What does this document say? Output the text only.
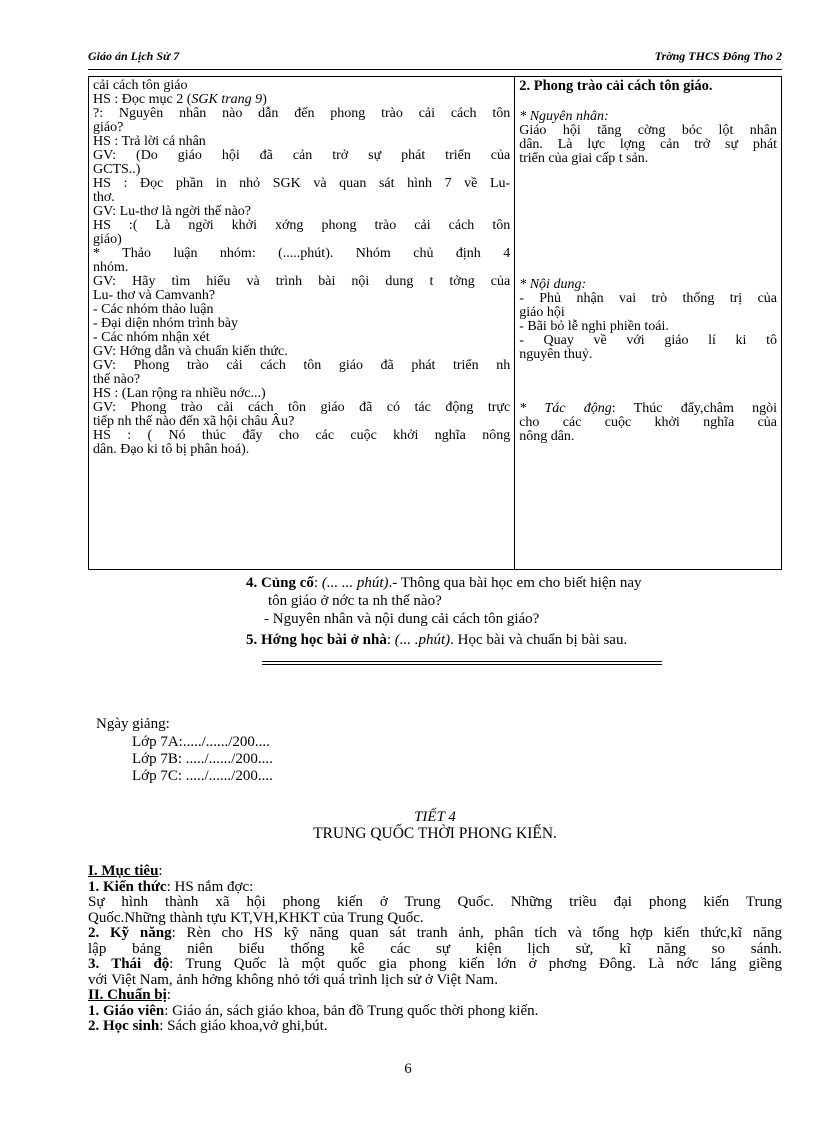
Giáo án Lịch Sử 7	Trờng THCS Đông Tho 2
cải cách tôn giáo
HS : Đọc mục 2 (SGK trang 9)
?: Nguyên nhân nào dẫn đến phong trào cải cách tôn
giáo?
HS : Trả lời cá nhân
GV: (Do giáo hội đã cản trở sự phát triển của
GCTS..)
HS : Đọc phần in nhỏ SGK và quan sát hình 7 về Lu-
thơ.
GV: Lu-thơ là ngời thế nào?
HS :( Là ngời khởi xớng phong trào cải cách tôn
giáo)
* Thảo luận nhóm: (.....phút). Nhóm chủ định 4
nhóm.
GV: Hãy tìm hiểu và trình bài nội dung t tởng của
Lu- thơ và Camvanh?
- Các nhóm thảo luận
- Đại diện nhóm trình bày
- Các nhóm nhận xét
GV: Hớng dẫn và chuẩn kiến thức.
GV: Phong trào cải cách tôn giáo đã phát triển nh
thế nào?
HS : (Lan rộng ra nhiều nớc...)
GV: Phong trào cải cách tôn giáo đã có tác động trực
tiếp nh thế nào đến xã hội châu Âu?
HS : ( Nó thúc đẩy cho các cuộc khởi nghĩa nông
dân. Đạo ki tô bị phân hoá).

2. Phong trào cải cách tôn giáo.
* Nguyên nhân:
Giáo hội tăng cờng bóc lột nhân
dân. Là lực lợng cản trở sự phát
triển của giai cấp t sản.
* Nội dung:
- Phủ nhận vai trò thống trị của
giáo hội
- Bãi bỏ lễ nghi phiền toái.
- Quay về với giáo lí ki tô
nguyên thuỷ.
* Tác động: Thúc đẩy,châm ngòi
cho các cuộc khởi nghĩa của
nông dân.
4. Củng cố: (... ... phút).- Thông qua bài học em cho biết hiện nay
tôn giáo ở nớc ta nh thế nào?
- Nguyên nhân và nội dung cải cách tôn giáo?
5. Hớng học bài ở nhà: (... .phút). Học bài và chuẩn bị bài sau.
Ngày giảng:
Lớp 7A:...../....../200....
Lớp 7B: ...../....../200....
Lớp 7C: ...../....../200....
TIẾT 4
TRUNG QUỐC THỜI PHONG KIẾN.
I. Mục tiêu:
1. Kiến thức: HS nắm đợc:
Sự hình thành xã hội phong kiến ở Trung Quốc. Những triều đại phong kiến Trung
Quốc.Những thành tựu KT,VH,KHKT của Trung Quốc.
2. Kỹ năng: Rèn cho HS kỹ năng quan sát tranh ảnh, phân tích và tổng hợp kiến thức,kĩ năng
lập bảng niên biểu thống kê các sự kiện lịch sử, kĩ năng so sánh.
3. Thái độ: Trung Quốc là một quốc gia phong kiến lớn ở phơng Đông. Là nớc láng giềng
với Việt Nam, ảnh hởng không nhỏ tới quá trình lịch sử ở Việt Nam.
II. Chuẩn bị:
1. Giáo viên: Giáo án, sách giáo khoa, bản đồ Trung quốc thời phong kiến.
2. Học sinh: Sách giáo khoa,vở ghi,bút.
6
